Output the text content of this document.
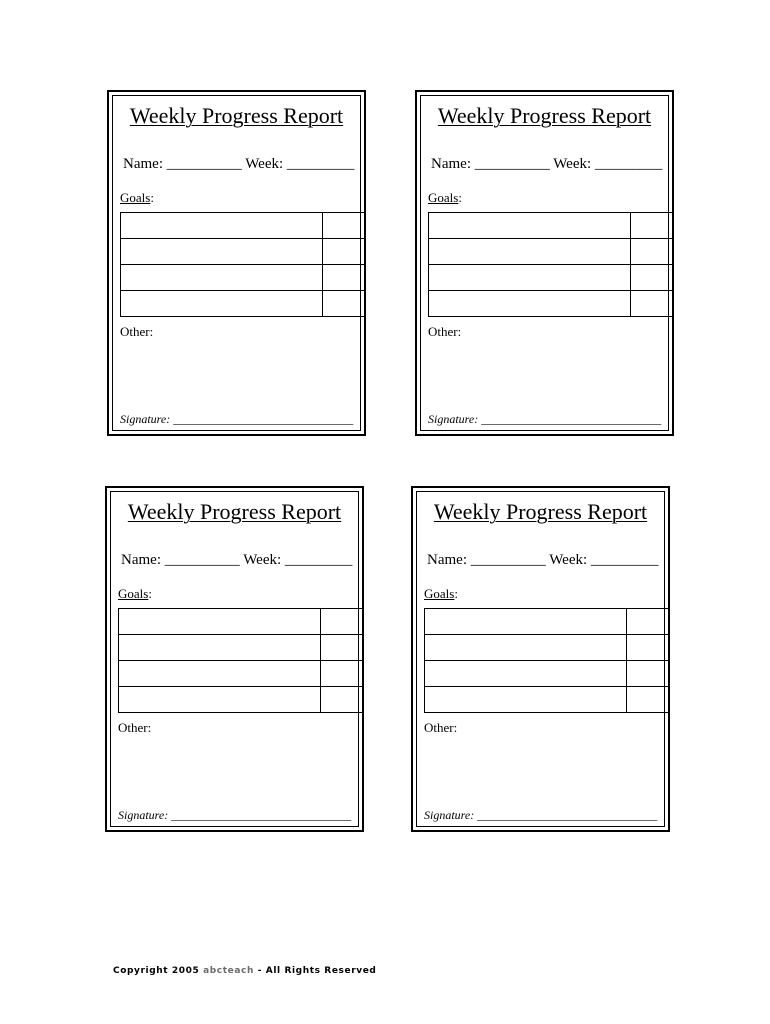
Weekly Progress Report
Name: __________ Week: _________
Goals:

Other:
Signature: ______________________________
Weekly Progress Report
Name: __________ Week: _________
Goals:

Other:
Signature: ______________________________
Weekly Progress Report
Name: __________ Week: _________
Goals:

Other:
Signature: ______________________________
Weekly Progress Report
Name: __________ Week: _________
Goals:

Other:
Signature: ______________________________
Copyright 2005 abcteach - All Rights Reserved
